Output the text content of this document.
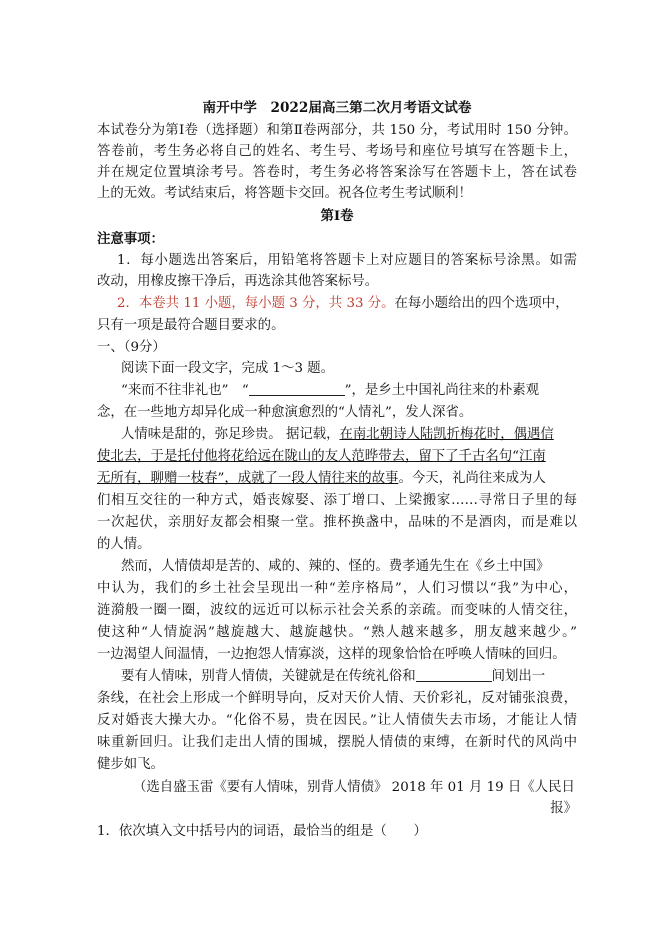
南开中学　2022届高三第二次月考语文试卷
本试卷分为第Ⅰ卷（选择题）和第Ⅱ卷两部分，共 150 分，考试用时 150 分钟。
答卷前，考生务必将自己的姓名、考生号、考场号和座位号填写在答题卡上，
并在规定位置填涂考号。答卷时，考生务必将答案涂写在答题卡上，答在试卷
上的无效。考试结束后，将答题卡交回。祝各位考生考试顺利！
第Ⅰ卷
注意事项：
1．每小题选出答案后，用铅笔将答题卡上对应题目的答案标号涂黑。如需
改动，用橡皮擦干净后，再选涂其他答案标号。
2．本卷共 11 小题，每小题 3 分，共 33 分。在每小题给出的四个选项中，
只有一项是最符合题目要求的。
一、（9分）
阅读下面一段文字，完成 1～3 题。
“来而不往非礼也”　“	”，是乡土中国礼尚往来的朴素观
念，在一些地方却异化成一种愈演愈烈的“人情礼”，发人深省。
人情味是甜的，弥足珍贵。 据记载，在南北朝诗人陆凯折梅花时，偶遇信
使北去，于是托付他将花给远在陇山的友人范晔带去，留下了千古名句“江南
无所有，聊赠一枝春”，成就了一段人情往来的故事。今天，礼尚往来成为人
们相互交往的一种方式，婚丧嫁娶、添丁增口、上梁搬家……寻常日子里的每
一次起伏，亲朋好友都会相聚一堂。推杯换盏中，品味的不是酒肉，而是难以
的人情。
然而，人情债却是苦的、咸的、辣的、怪的。费孝通先生在《乡土中国》
中认为，我们的乡土社会呈现出一种“差序格局”，人们习惯以“我”为中心，
涟漪般一圈一圈，波纹的远近可以标示社会关系的亲疏。而变味的人情交往，
使这种“人情旋涡”越旋越大、越旋越快。“熟人越来越多，朋友越来越少。”
一边渴望人间温情，一边抱怨人情寡淡，这样的现象恰恰在呼唤人情味的回归。
要有人情味，别背人情债，关键就是在传统礼俗和	间划出一
条线，在社会上形成一个鲜明导向，反对天价人情、天价彩礼，反对铺张浪费，
反对婚丧大操大办。“化俗不易，贵在因民。”让人情债失去市场，才能让人情
味重新回归。让我们走出人情的围城，摆脱人情债的束缚，在新时代的风尚中
健步如飞。
（选自盛玉雷《要有人情味，别背人情债》 2018 年 01 月 19 日《人民日
报》
1．依次填入文中括号内的词语，最恰当的组是（　　）
